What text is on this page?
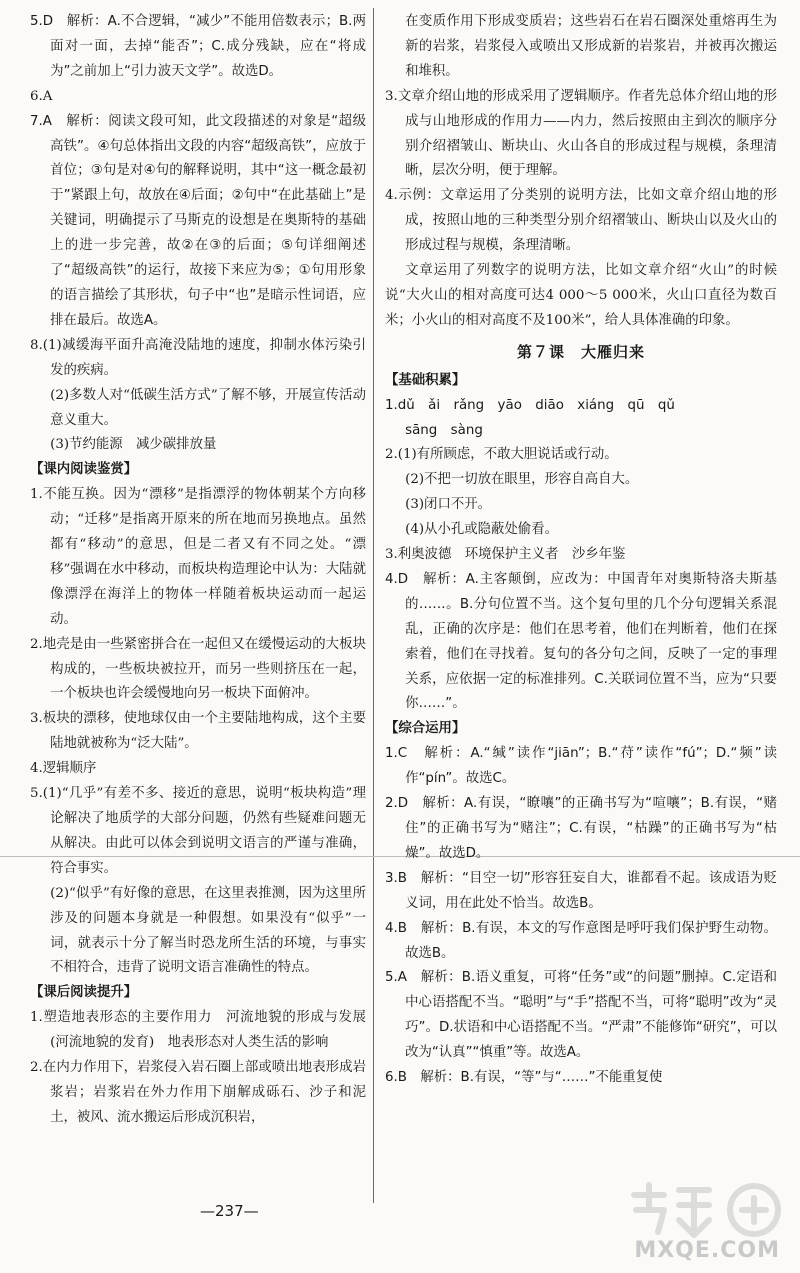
5.D　解析：A.不合逻辑，“减少”不能用倍数表示；B.两面对一面，去掉“能否”；C.成分残缺，应在“将成为”之前加上“引力波天文学”。故选D。

6.A

7.A　解析：阅读文段可知，此文段描述的对象是“超级高铁”。④句总体指出文段的内容“超级高铁”，应放于首位；③句是对④句的解释说明，其中“这一概念最初于”紧跟上句，故放在④后面；②句中“在此基础上”是关键词，明确提示了马斯克的设想是在奥斯特的基础上的进一步完善，故②在③的后面；⑤句详细阐述了“超级高铁”的运行，故接下来应为⑤；①句用形象的语言描绘了其形状，句子中“也”是暗示性词语，应排在最后。故选A。

8.(1)减缓海平面升高淹没陆地的速度，抑制水体污染引发的疾病。

(2)多数人对“低碳生活方式”了解不够，开展宣传活动意义重大。

(3)节约能源　减少碳排放量

【课内阅读鉴赏】

1.不能互换。因为“漂移”是指漂浮的物体朝某个方向移动；“迁移”是指离开原来的所在地而另换地点。虽然都有“移动”的意思，但是二者又有不同之处。“漂移”强调在水中移动，而板块构造理论中认为：大陆就像漂浮在海洋上的物体一样随着板块运动而一起运动。

2.地壳是由一些紧密拼合在一起但又在缓慢运动的大板块构成的，一些板块被拉开，而另一些则挤压在一起，一个板块也许会缓慢地向另一板块下面俯冲。

3.板块的漂移，使地球仅由一个主要陆地构成，这个主要陆地就被称为“泛大陆”。

4.逻辑顺序

5.(1)“几乎”有差不多、接近的意思，说明“板块构造”理论解决了地质学的大部分问题，仍然有些疑难问题无从解决。由此可以体会到说明文语言的严谨与准确，符合事实。

(2)“似乎”有好像的意思，在这里表推测，因为这里所涉及的问题本身就是一种假想。如果没有“似乎”一词，就表示十分了解当时恐龙所生活的环境，与事实不相符合，违背了说明文语言准确性的特点。

【课后阅读提升】

1.塑造地表形态的主要作用力　河流地貌的形成与发展(河流地貌的发育)　地表形态对人类生活的影响

2.在内力作用下，岩浆侵入岩石圈上部或喷出地表形成岩浆岩；岩浆岩在外力作用下崩解成砾石、沙子和泥土，被风、流水搬运后形成沉积岩，

在变质作用下形成变质岩；这些岩石在岩石圈深处重熔再生为新的岩浆，岩浆侵入或喷出又形成新的岩浆岩，并被再次搬运和堆积。

3.文章介绍山地的形成采用了逻辑顺序。作者先总体介绍山地的形成与山地形成的作用力——内力，然后按照由主到次的顺序分别介绍褶皱山、断块山、火山各自的形成过程与规模，条理清晰，层次分明，便于理解。

4.示例：文章运用了分类别的说明方法，比如文章介绍山地的形成，按照山地的三种类型分别介绍褶皱山、断块山以及火山的形成过程与规模，条理清晰。

文章运用了列数字的说明方法，比如文章介绍“火山”的时候说“大火山的相对高度可达4 000～5 000米，火山口直径为数百米；小火山的相对高度不及100米”，给人具体准确的印象。

第７课　大雁归来

【基础积累】

1.dǔ　ǎi　rǎng　yāo　diāo　xiáng　qū　qǔ

sāng　sàng

2.(1)有所顾虑，不敢大胆说话或行动。

(2)不把一切放在眼里，形容自高自大。

(3)闭口不开。

(4)从小孔或隐蔽处偷看。

3.利奥波德　环境保护主义者　沙乡年鉴

4.D　解析：A.主客颠倒，应改为：中国青年对奥斯特洛夫斯基的……。B.分句位置不当。这个复句里的几个分句逻辑关系混乱，正确的次序是：他们在思考着，他们在判断着，他们在探索着，他们在寻找着。复句的各分句之间，反映了一定的事理关系，应依据一定的标准排列。C.关联词位置不当，应为“只要你……”。

【综合运用】

1.C　解析：A.“缄”读作“jiān”；B.“苻”读作“fú”；D.“频”读作“pín”。故选C。

2.D　解析：A.有误，“瞭嚷”的正确书写为“喧嚷”；B.有误，“赌住”的正确书写为“赌注”；C.有误，“枯躁”的正确书写为“枯燥”。故选D。

3.B　解析：“目空一切”形容狂妄自大，谁都看不起。该成语为贬义词，用在此处不恰当。故选B。

4.B　解析：B.有误，本文的写作意图是呼吁我们保护野生动物。故选B。

5.A　解析：B.语义重复，可将“任务”或“的问题”删掉。C.定语和中心语搭配不当。“聪明”与“手”搭配不当，可将“聪明”改为“灵巧”。D.状语和中心语搭配不当。“严肃”不能修饰“研究”，可以改为“认真”“慎重”等。故选A。

6.B　解析：B.有误，“等”与“……”不能重复使

—237—
MXQE.COM
